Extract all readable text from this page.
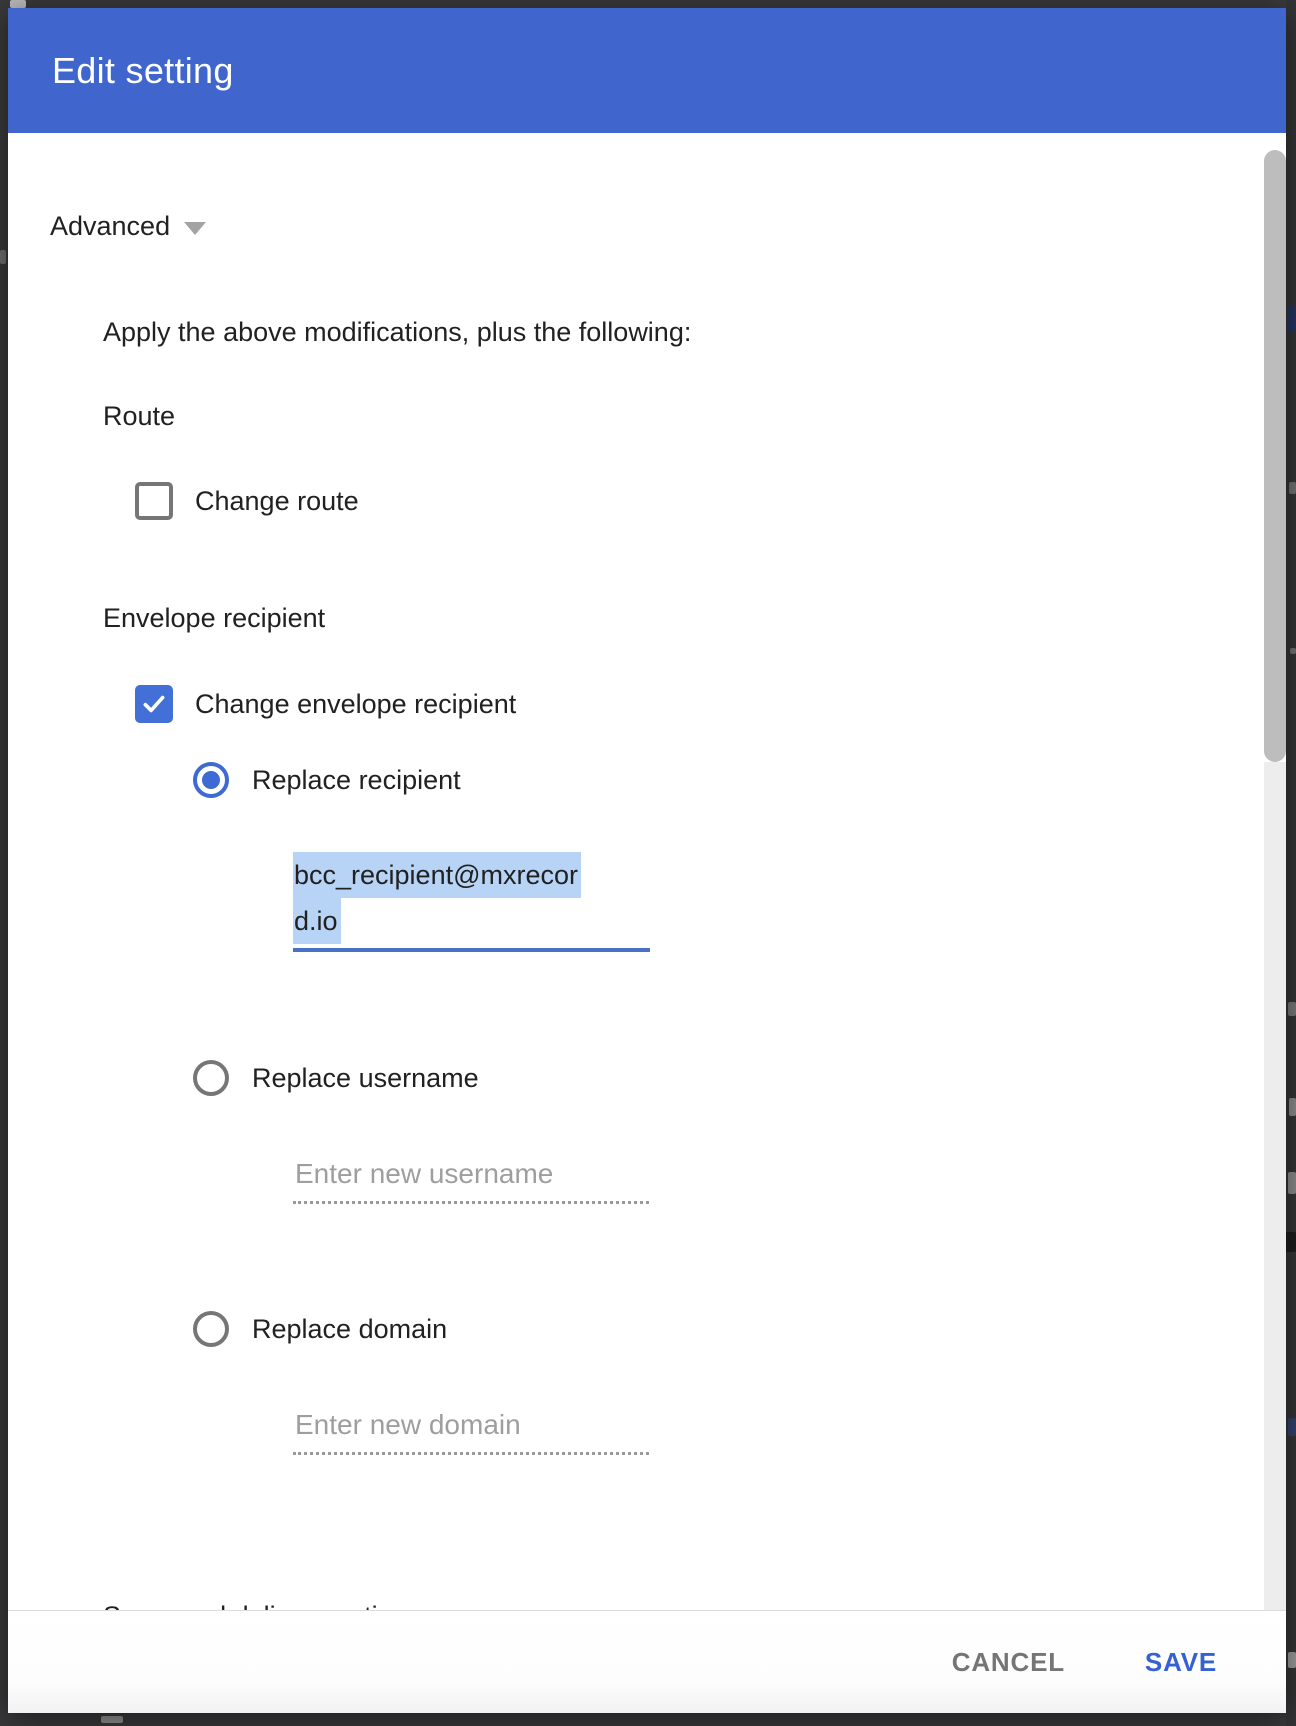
Advanced
Apply the above modifications, plus the following:
Route
Change route
Envelope recipient
Change envelope recipient
Replace recipient
bcc_recipient@mxrecor
d.io
Replace username
Enter new username
Replace domain
Enter new domain
Edit setting
CANCEL	SAVE
